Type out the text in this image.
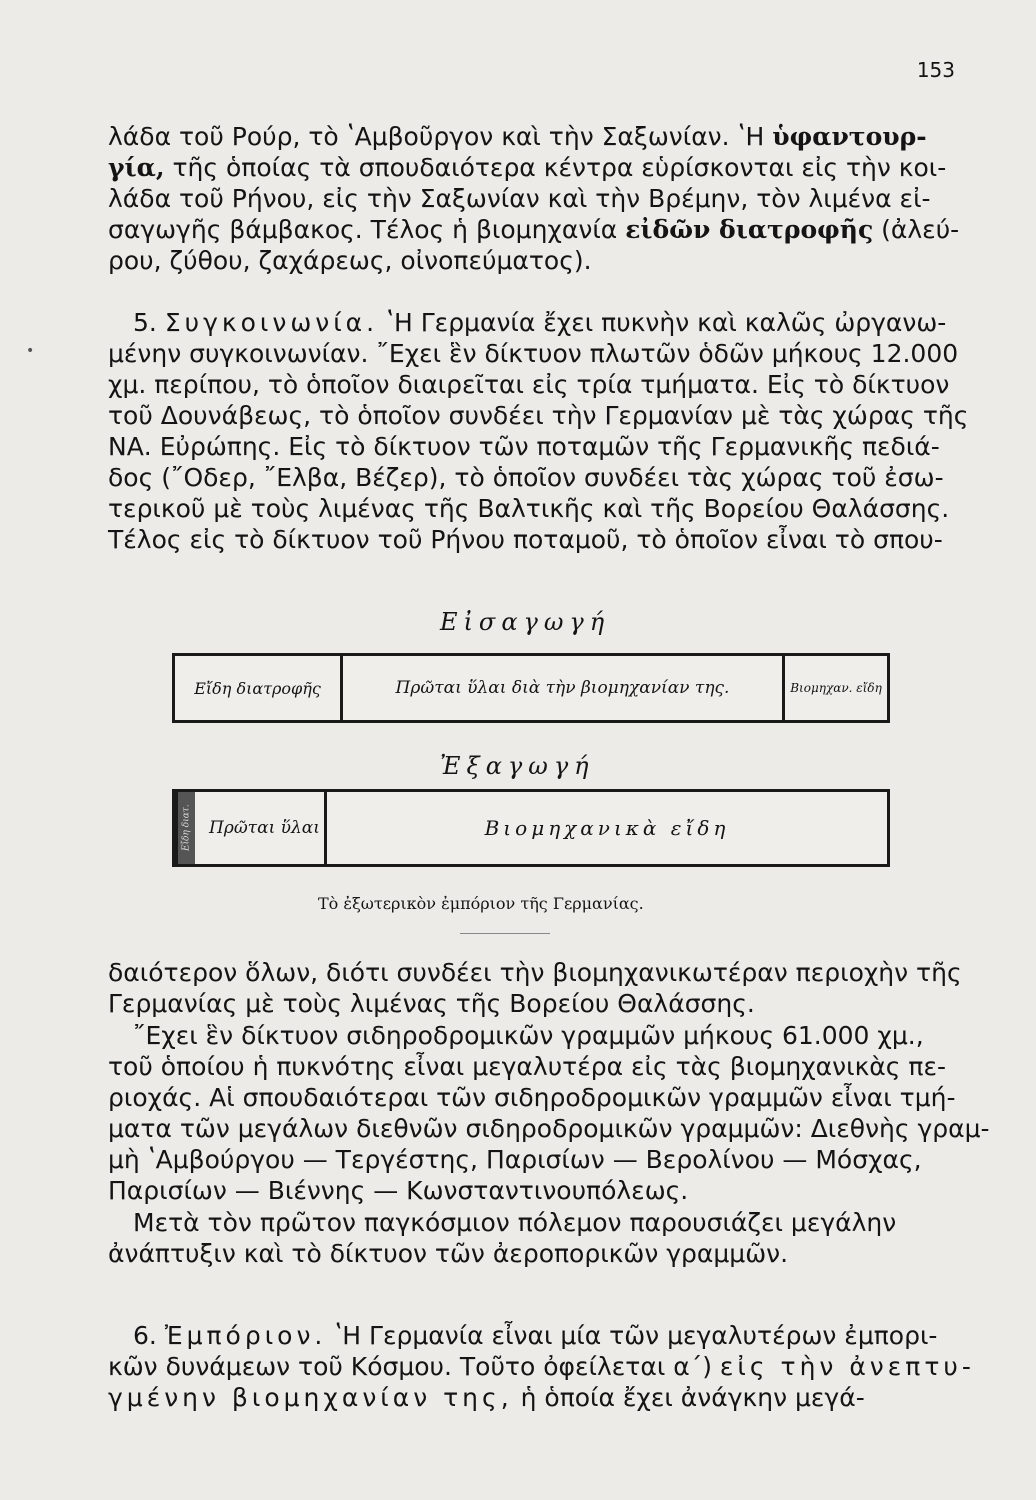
153
•

λάδα τοῦ Ρούρ, τὸ ʽΑμβοῦργον καὶ τὴν Σαξωνίαν. ʽΗ ὑφαντουρ-
γία, τῆς ὁποίας τὰ σπουδαιότερα κέντρα εὑρίσκονται εἰς τὴν κοι-
λάδα τοῦ Ρήνου, εἰς τὴν Σαξωνίαν καὶ τὴν Βρέμην, τὸν λιμένα εἰ-
σαγωγῆς βάμβακος. Τέλος ἡ βιομηχανία εἰδῶν διατροφῆς (ἀλεύ-
ρου, ζύθου, ζαχάρεως, οἰνοπεύματος).

 5. Συγκοινωνία. ʽΗ Γερμανία ἔχει πυκνὴν καὶ καλῶς ὠργανω-
μένην συγκοινωνίαν. ῎Εχει ἓν δίκτυον πλωτῶν ὁδῶν μήκους 12.000
χμ. περίπου, τὸ ὁποῖον διαιρεῖται εἰς τρία τμήματα. Εἰς τὸ δίκτυον
τοῦ Δουνάβεως, τὸ ὁποῖον συνδέει τὴν Γερμανίαν μὲ τὰς χώρας τῆς
ΝΑ. Εὐρώπης. Εἰς τὸ δίκτυον τῶν ποταμῶν τῆς Γερμανικῆς πεδιά-
δος (῎Οδερ, ῎Ελβα, Βέζερ), τὸ ὁποῖον συνδέει τὰς χώρας τοῦ ἐσω-
τερικοῦ μὲ τοὺς λιμένας τῆς Βαλτικῆς καὶ τῆς Βορείου Θαλάσσης.
Τέλος εἰς τὸ δίκτυον τοῦ Ρήνου ποταμοῦ, τὸ ὁποῖον εἶναι τὸ σπου-

Εἰσαγωγή
Εἴδη διατροφῆς	Πρῶται ὕλαι διὰ τὴν βιομηχανίαν της.	Βιομηχαν. εἴδη
Ἐξαγωγή
Εἴδη διατ.	Πρῶται ὕλαι	Βιομηχανικὰ εἴδη
Τὸ ἐξωτερικὸν ἐμπόριον τῆς Γερμανίας.

δαιότερον ὅλων, διότι συνδέει τὴν βιομηχανικωτέραν περιοχὴν τῆς
Γερμανίας μὲ τοὺς λιμένας τῆς Βορείου Θαλάσσης.

 ῎Εχει ἓν δίκτυον σιδηροδρομικῶν γραμμῶν μήκους 61.000 χμ.,
τοῦ ὁποίου ἡ πυκνότης εἶναι μεγαλυτέρα εἰς τὰς βιομηχανικὰς πε-
ριοχάς. Αἱ σπουδαιότεραι τῶν σιδηροδρομικῶν γραμμῶν εἶναι τμή-
ματα τῶν μεγάλων διεθνῶν σιδηροδρομικῶν γραμμῶν: Διεθνὴς γραμ-
μὴ ʽΑμβούργου — Τεργέστης, Παρισίων — Βερολίνου — Μόσχας,
Παρισίων — Βιέννης — Κωνσταντινουπόλεως.

 Μετὰ τὸν πρῶτον παγκόσμιον πόλεμον παρουσιάζει μεγάλην
ἀνάπτυξιν καὶ τὸ δίκτυον τῶν ἀεροπορικῶν γραμμῶν.

 6. Ἐμπόριον. ʽΗ Γερμανία εἶναι μία τῶν μεγαλυτέρων ἐμπορι-
κῶν δυνάμεων τοῦ Κόσμου. Τοῦτο ὀφείλεται α΄) εἰς τὴν ἀνεπτυ-
γμένην βιομηχανίαν της, ἡ ὁποία ἔχει ἀνάγκην μεγά-
